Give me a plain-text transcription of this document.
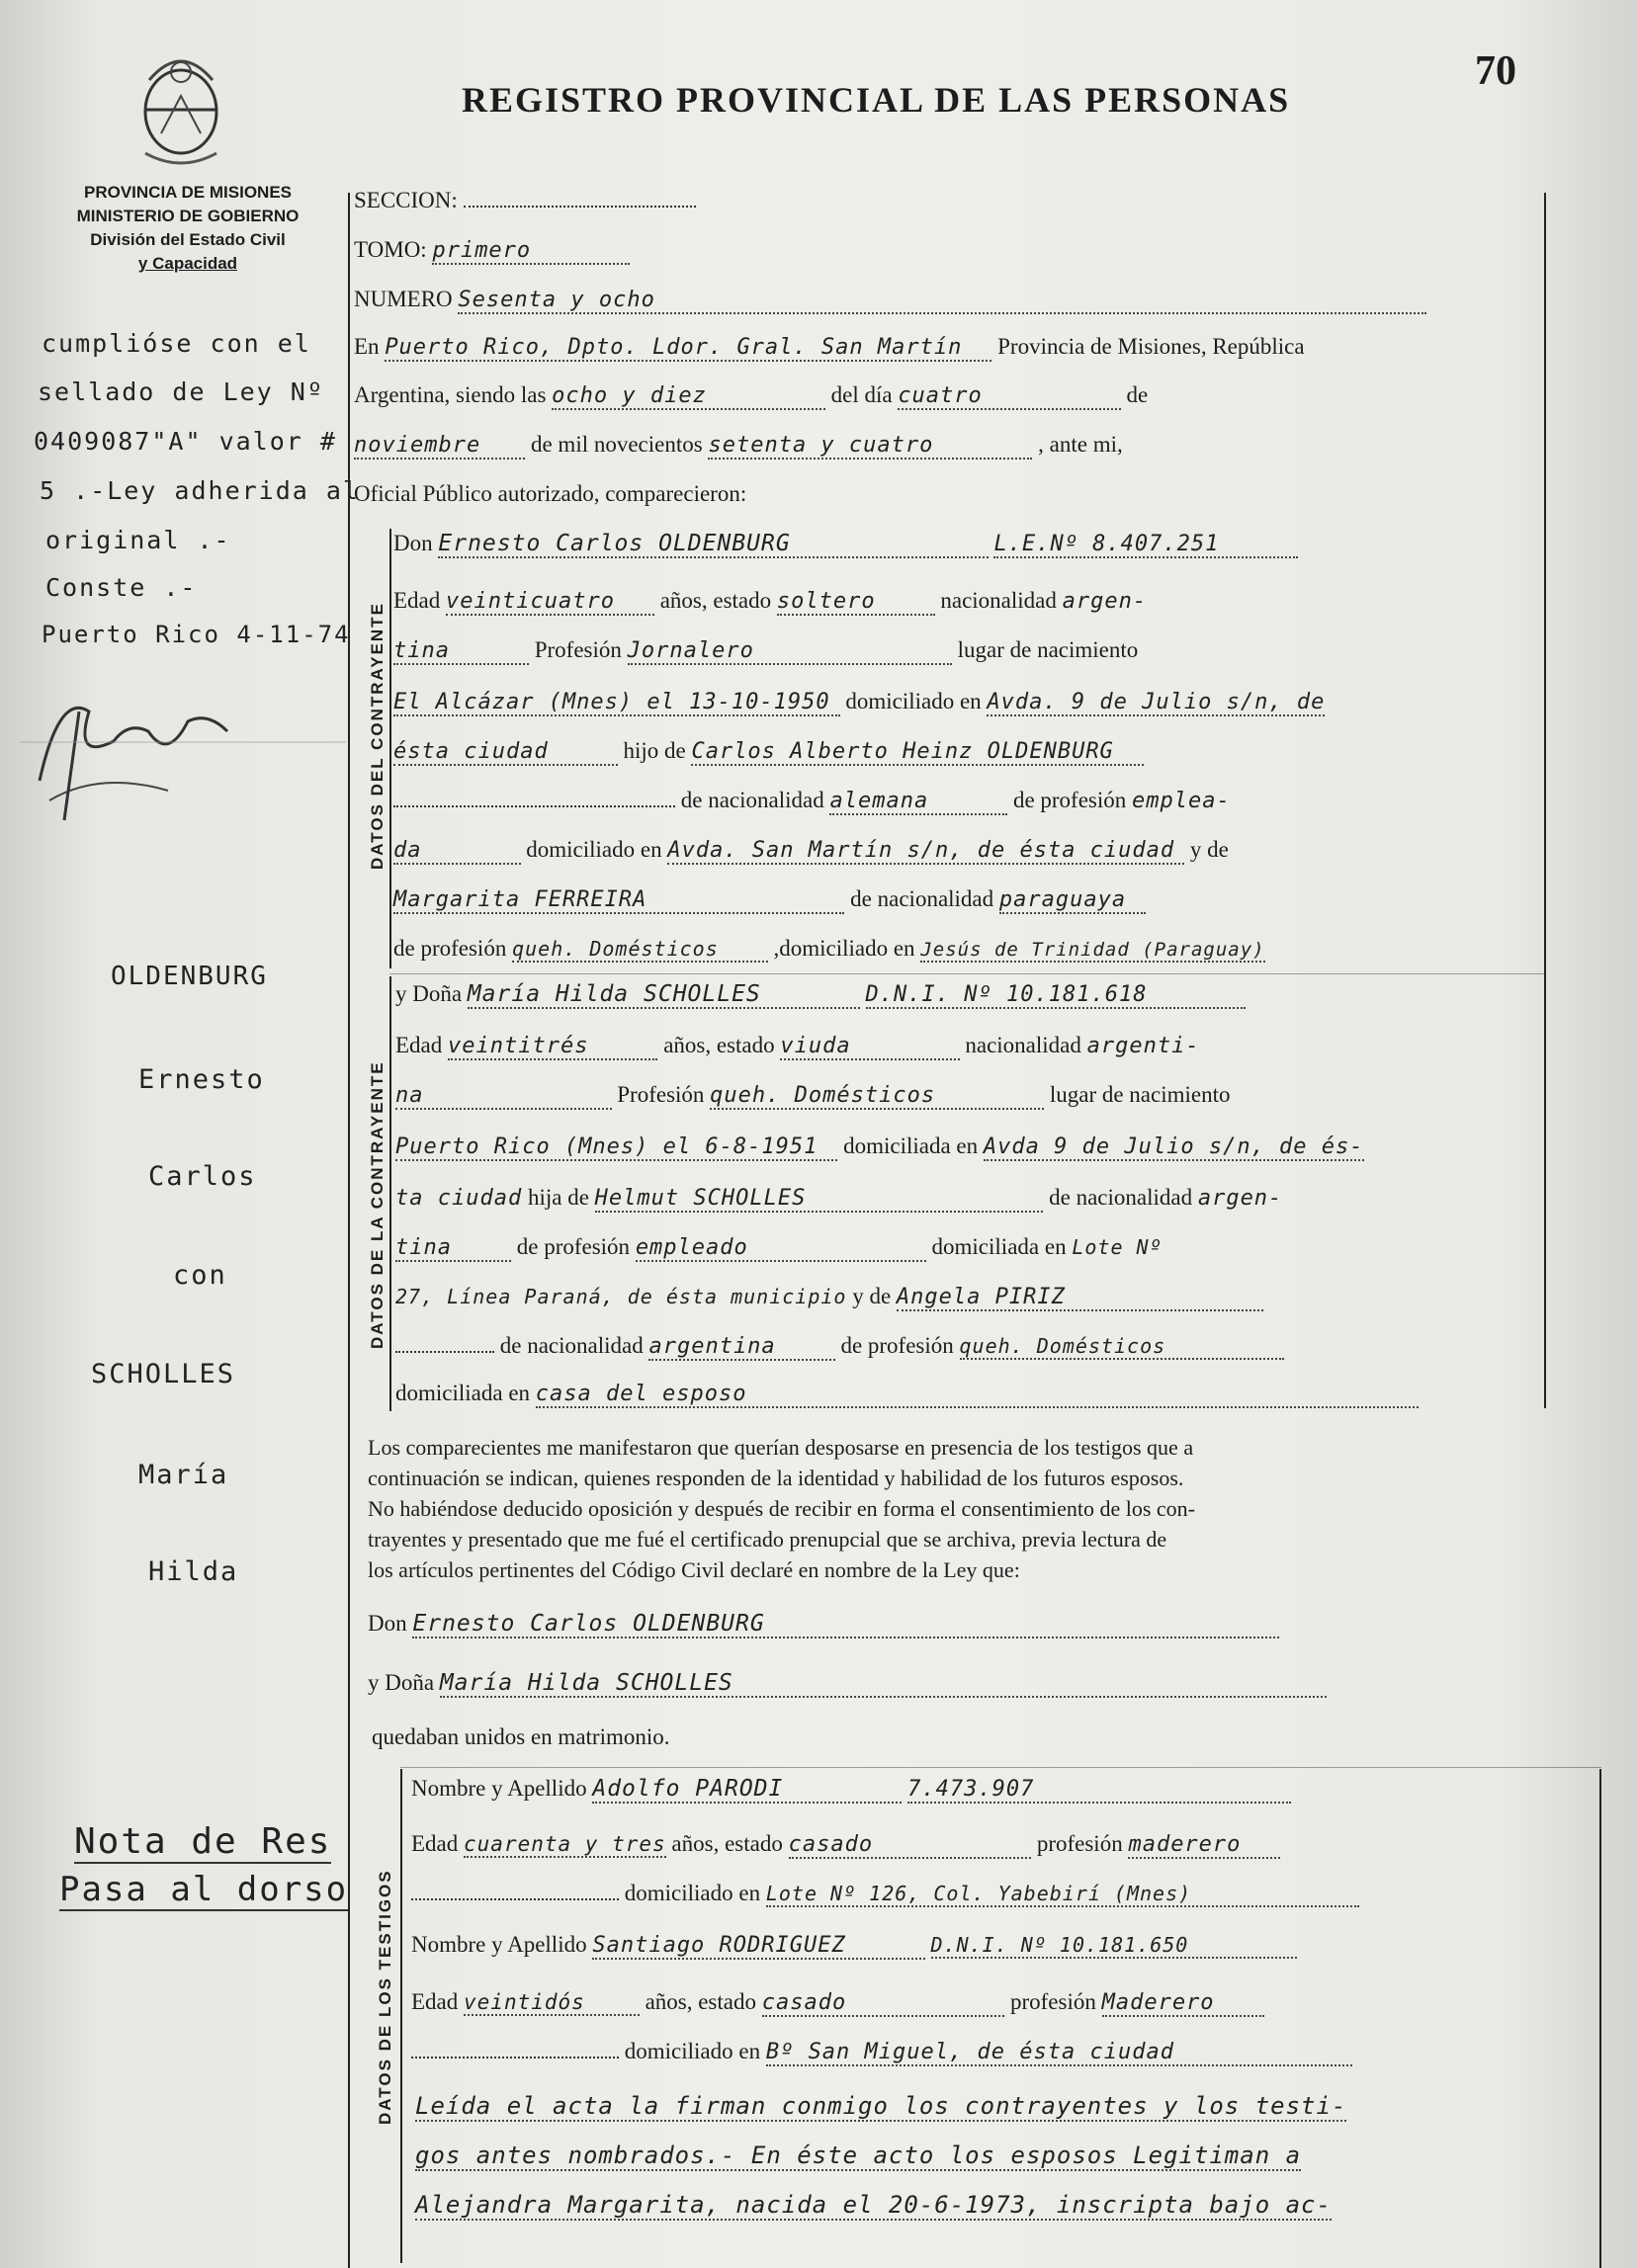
70
REGISTRO PROVINCIAL DE LAS PERSONAS
PROVINCIA DE MISIONES
MINISTERIO DE GOBIERNO
División del Estado Civil
y Capacidad
cumplióse con el
sellado de Ley Nº
0409087"A" valor #
5 .-Ley adherida al
original .-
Conste .-
Puerto Rico 4-11-74
OLDENBURG
Ernesto
Carlos
con
SCHOLLES
María
Hilda
Nota de Res
Pasa al dorso
SECCION:
TOMO: primero
NUMERO Sesenta y ocho
En Puerto Rico, Dpto. Ldor. Gral. San Martín Provincia de Misiones, República
Argentina, siendo las ocho y diez	del día cuatro	de
noviembre de mil novecientos setenta y cuatro	, ante mi,
Oficial Público autorizado, comparecieron:
DATOS DEL CONTRAYENTE
Don Ernesto Carlos OLDENBURG	L.E.Nº 8.407.251
Edad veinticuatro años, estado soltero	nacionalidad argen-
tina	Profesión Jornalero	lugar de nacimiento
El Alcázar (Mnes) el 13-10-1950 domiciliado en Avda. 9 de Julio s/n, de
ésta ciudad	hijo de Carlos Alberto Heinz OLDENBURG
de nacionalidad alemana	de profesión emplea-
da	domiciliado en Avda. San Martín s/n, de ésta ciudad y de
Margarita FERREIRA	de nacionalidad paraguaya
de profesión queh. Domésticos ,domiciliado en Jesús de Trinidad (Paraguay)
DATOS DE LA CONTRAYENTE
y Doña María Hilda SCHOLLES	D.N.I. Nº 10.181.618
Edad veintitrés	años, estado viuda	nacionalidad argenti-
na	Profesión queh. Domésticos	lugar de nacimiento
Puerto Rico (Mnes) el 6-8-1951 domiciliada en Avda 9 de Julio s/n, de és-
ta ciudad hija de Helmut SCHOLLES	de nacionalidad argen-
tina	de profesión empleado	domiciliada en Lote Nº
27, Línea Paraná, de ésta municipio y de Angela PIRIZ
de nacionalidad argentina	de profesión queh. Domésticos
domiciliada en casa del esposo
Los comparecientes me manifestaron que querían desposarse en presencia de los testigos que a
continuación se indican, quienes responden de la identidad y habilidad de los futuros esposos.
No habiéndose deducido oposición y después de recibir en forma el consentimiento de los con-
trayentes y presentado que me fué el certificado prenupcial que se archiva, previa lectura de
los artículos pertinentes del Código Civil declaré en nombre de la Ley que:
Don Ernesto Carlos OLDENBURG
y Doña María Hilda SCHOLLES
quedaban unidos en matrimonio.
DATOS DE LOS TESTIGOS
Nombre y Apellido Adolfo PARODI	7.473.907
Edad cuarenta y tres años, estado casado	profesión maderero
domiciliado en Lote Nº 126, Col. Yabebirí (Mnes)
Nombre y Apellido Santiago RODRIGUEZ	D.N.I. Nº 10.181.650
Edad veintidós	años, estado casado	profesión Maderero
domiciliado en Bº San Miguel, de ésta ciudad
Leída el acta la firman conmigo los contrayentes y los testi-
gos antes nombrados.- En éste acto los esposos Legitiman a
Alejandra Margarita, nacida el 20-6-1973, inscripta bajo ac-
